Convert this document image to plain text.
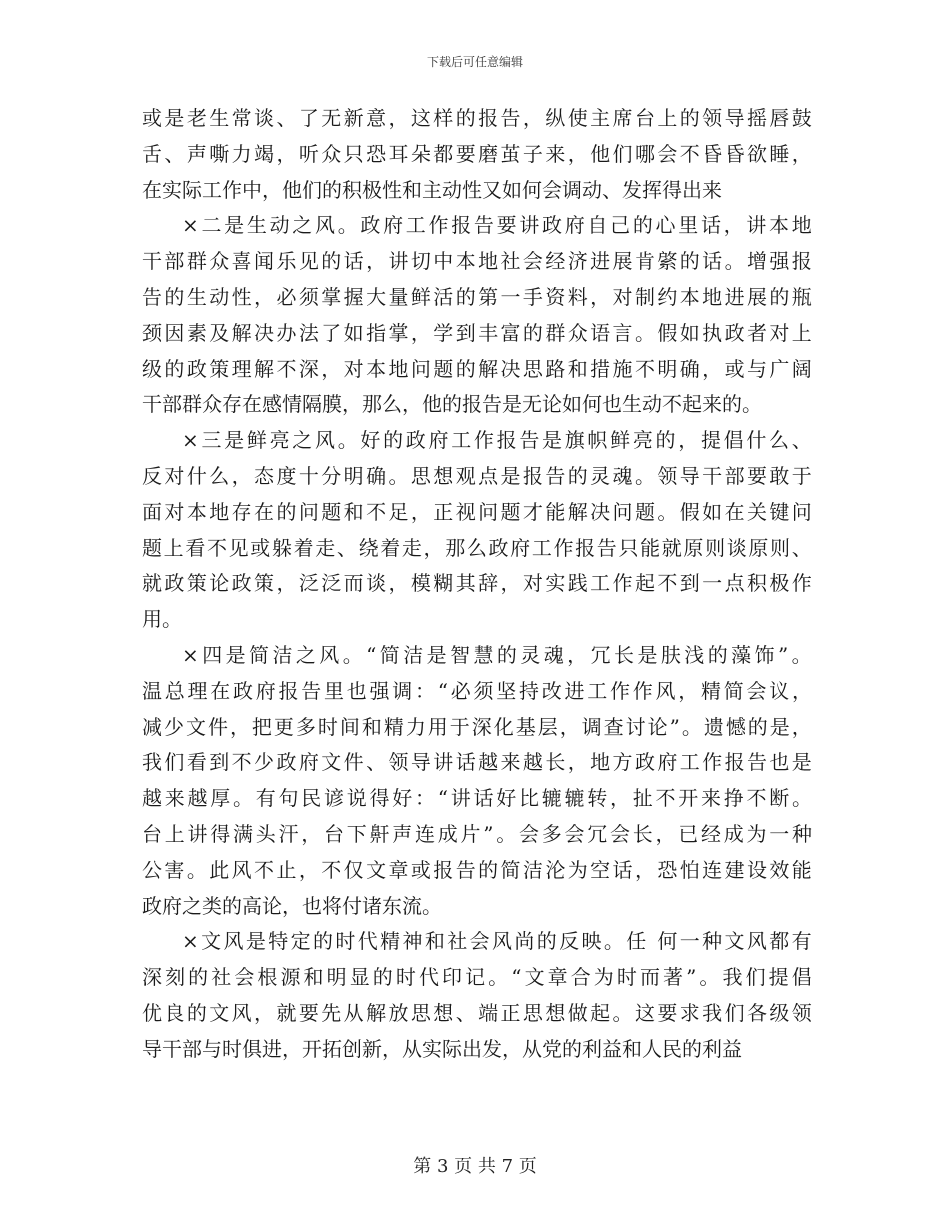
下载后可任意编辑
或 是 老 生 常 谈 、 了 无 新 意 ， 这 样 的 报 告 ， 纵 使 主 席 台 上 的 领 导 摇 唇 鼓
舌 、 声 嘶 力 竭 ， 听 众 只 恐 耳 朵 都 要 磨 茧 子 来 ， 他 们 哪 会 不 昏 昏 欲 睡 ，
在实际工作中，他们的积极性和主动性又如何会调动、发挥得出来
× 二 是 生 动 之 风 。 政 府 工 作 报 告 要 讲 政 府 自 己 的 心 里 话 ， 讲 本 地
干 部 群 众 喜 闻 乐 见 的 话 ， 讲 切 中 本 地 社 会 经 济 进 展 肯 綮 的 话 。 增 强 报
告 的 生 动 性 ， 必 须 掌 握 大 量 鲜 活 的 第 一 手 资 料 ， 对 制 约 本 地 进 展 的 瓶
颈 因 素 及 解 决 办 法 了 如 指 掌 ， 学 到 丰 富 的 群 众 语 言 。 假 如 执 政 者 对 上
级 的 政 策 理 解 不 深 ， 对 本 地 问 题 的 解 决 思 路 和 措 施 不 明 确 ， 或 与 广 阔
干部群众存在感情隔膜，那么，他的报告是无论如何也生动不起来的。
× 三 是 鲜 亮 之 风 。 好 的 政 府 工 作 报 告 是 旗 帜 鲜 亮 的 ， 提 倡 什 么 、
反 对 什 么 ， 态 度 十 分 明 确 。 思 想 观 点 是 报 告 的 灵 魂 。 领 导 干 部 要 敢 于
面 对 本 地 存 在 的 问 题 和 不 足 ， 正 视 问 题 才 能 解 决 问 题 。 假 如 在 关 键 问
题 上 看 不 见 或 躲 着 走 、 绕 着 走 ， 那 么 政 府 工 作 报 告 只 能 就 原 则 谈 原 则 、
就 政 策 论 政 策 ， 泛 泛 而 谈 ， 模 糊 其 辞 ， 对 实 践 工 作 起 不 到 一 点 积 极 作
用。
× 四 是 简 洁 之 风 。 “ 简 洁 是 智 慧 的 灵 魂 ， 冗 长 是 肤 浅 的 藻 饰 ” 。
温 总 理 在 政 府 报 告 里 也 强 调 ： “ 必 须 坚 持 改 进 工 作 作 风 ， 精 简 会 议 ，
减 少 文 件 ， 把 更 多 时 间 和 精 力 用 于 深 化 基 层 ， 调 查 讨 论 ” 。 遗 憾 的 是 ，
我 们 看 到 不 少 政 府 文 件 、 领 导 讲 话 越 来 越 长 ， 地 方 政 府 工 作 报 告 也 是
越 来 越 厚 。 有 句 民 谚 说 得 好 ： “ 讲 话 好 比 辘 辘 转 ， 扯 不 开 来 挣 不 断 。
台 上 讲 得 满 头 汗 ， 台 下 鼾 声 连 成 片 ” 。 会 多 会 冗 会 长 ， 已 经 成 为 一 种
公 害 。 此 风 不 止 ， 不 仅 文 章 或 报 告 的 简 洁 沦 为 空 话 ， 恐 怕 连 建 设 效 能
政府之类的高论，也将付诸东流。
× 文 风 是 特 定 的 时 代 精 神 和 社 会 风 尚 的 反 映 。 任
何 一 种 文 风 都 有
深 刻 的 社 会 根 源 和 明 显 的 时 代 印 记 。 “ 文 章 合 为 时 而 著 ” 。 我 们 提 倡
优 良 的 文 风 ， 就 要 先 从 解 放 思 想 、 端 正 思 想 做 起 。 这 要 求 我 们 各 级 领
导干部与时俱进，开拓创新，从实际出发，从党的利益和人民的利益
第 3 页 共 7 页
